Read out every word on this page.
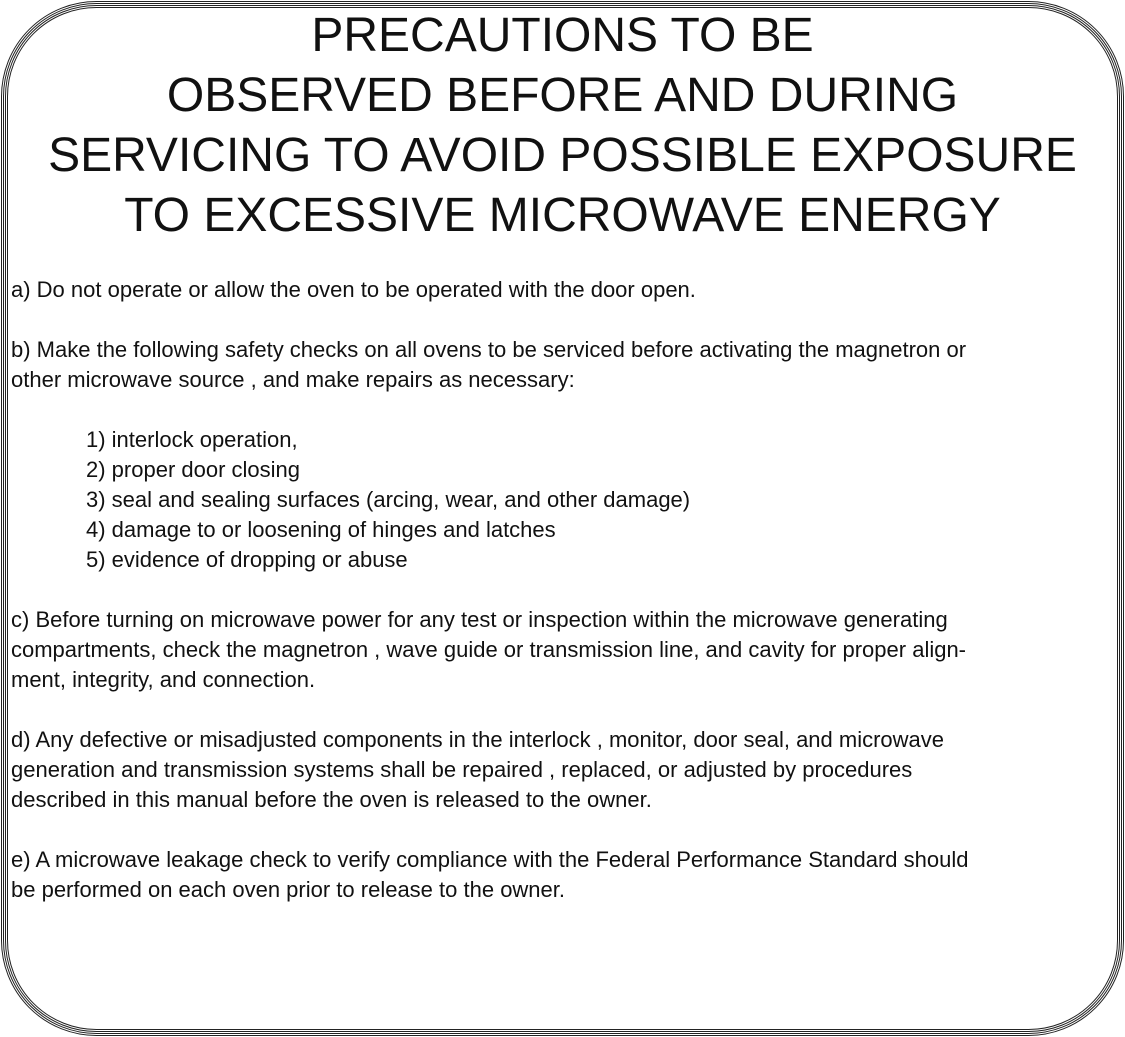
PRECAUTIONS TO BE
OBSERVED BEFORE AND DURING
SERVICING TO AVOID POSSIBLE EXPOSURE
TO EXCESSIVE MICROWAVE ENERGY

a) Do not operate or allow the oven to be operated with the door open.

b) Make the following safety checks on all ovens to be serviced before activating the magnetron or
other microwave source , and make repairs as necessary:

1) interlock operation,
2) proper door closing
3) seal and sealing surfaces (arcing, wear, and other damage)
4) damage to or loosening of hinges and latches
5) evidence of dropping or abuse

c) Before turning on microwave power for any test or inspection within the microwave generating
compartments, check the magnetron , wave guide or transmission line, and cavity for proper align-
ment, integrity, and connection.

d) Any defective or misadjusted components in the interlock , monitor, door seal, and microwave
generation and transmission systems shall be repaired , replaced, or adjusted by procedures
described in this manual before the oven is released to the owner.

e) A microwave leakage check to verify compliance with the Federal Performance Standard should
be performed on each oven prior to release to the owner.
